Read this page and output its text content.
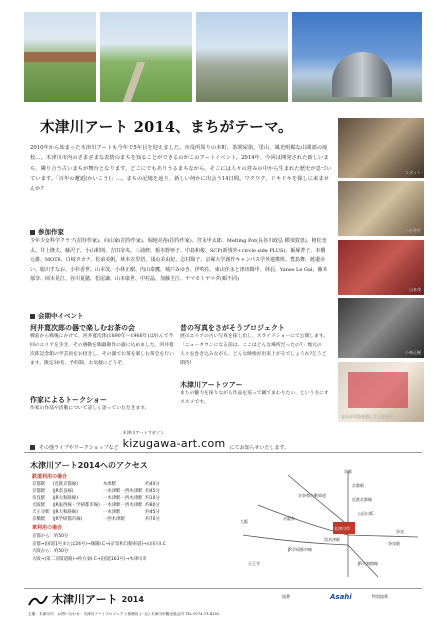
木津川アート 2014、まちがテーマ。
2010年から始まった木津川アートも今年で5年目を迎えました。市役所周りの本町、茶問屋街、里山、風光明媚な山間部の廃校…。木津川市内のさまざまな表情のまちを知ることができるのがこのアートイベント。2014年、今回は開発された新しいまち、隣り合う古いまちが舞台となります。どこにでもありうるまちながら、そこには人々の営みの中から生まれた歴史が息づいています。「百年の邂逅(かいこう)」…。まちの記憶を辿り、新しい何かに出会う14日間。ワクワク、ドキドキを探しに来ませんか?
ロボット
小杉香世
山本茂
小林正樹
まちの写真を探してください
参加作家
少年少女科学クラブ(招待作家)、向山家(招待作家)、堀地亮裕(招待作家)、宮永甲太郎、Melting Pot(長谷川政弘 横須賀恵)、植松奎太、井上隆夫、藤沢子、小山和則、吉田奈央、三浦修、栃木野亜子、中島和俊、SCP(新規外+circle side PLUS)、飯塚菁子、本橋元雄、MOT8、白崎タカナ、松前美帆、林本衣里悟、浅山美由紀、志村陽子、京塚大学創作キャンパス学外連携班、豊島舞、渡邉赤い、服川すなお、小杉香世、山本茂、小林正樹、内山泰鷹、城戸みゆき、伊吹佐、東山佳永と津田陽甲、林羽、Yanes Le Gal、藤本郁奈、岡本晃江、谷川夏穂、松尾謙、山本康世、中村晶、加藤圭江、ヤマモトヤマダ(順不同)
会期中イベント
河井寛次郎の器で楽しむお茶の会
戦前から戦後にかけて、河井寛次郎(1890年〜1966年)は好んで今回のエリアを歩き、その感動を陶器制作の器に込めました。河井寛次郎記念館の学芸員をお招きし、その器でお茶を楽しむ茶会を行います。限定30名、予約制。お気軽にどうぞ。
作家によるトークショー
作家の作品や活動について詳しく語っていただきます。
昔の写真をさがそうプロジェクト
展示エリアの古い写真を探し出し、スライドショーにて公開します。「ニュータウンになる前は、ここはどんな場所だったの?」地元の人々を巻き込みながら、どんな映像が出来上がるでしょうか?乞うご期待!
木津川アートツアー
まちの魅力を探りながら作品を巡って観てまわりたい、という方にオススメです。
その他ライブやワークショップなど
木津川アートマガジン
kizugawa-art.com にてお知らせいたします。
木津川アート2014へのアクセス
鉄道利用の場合
京都駅	(近鉄京都線)	木津駅	約40分
京都駅	(JR奈良線)	一木津駅一西木津駅	約45分
奈良駅	(JR大和路線)	一木津駅一西木津駅	約10分
大阪駅	(JR東西線・学研都市線)	一木津駅一西木津駅	約80分
天王寺駅	(JR大和路線)	一木津駅	約45分
京橋駅	(JR学研都市線)	一西木津駅	約70分
車利用の場合
京都から：約50分
京都→(国道1号または24号)→城陽I.C→(京奈和自動車道)→山田川I.C
大阪から：約50分
大阪→(第二京阪道路)→枚方東I.C→(国道163号)→木津川市
京都
京都駅
奈良
大阪
京阪奈
木津川市
奈良駅
天王寺
西木津駅
山田川IC
京奈和自動車道
JR学研都市線
JR大和路線
近鉄京都線
木津川アート 2014
主催：木津川市　お問い合わせ：木津川アートプロジェクト事務局 (一社) 木津川市観光協会内 TEL 0774-73-8191
協賛	Asahi	特別協賛
